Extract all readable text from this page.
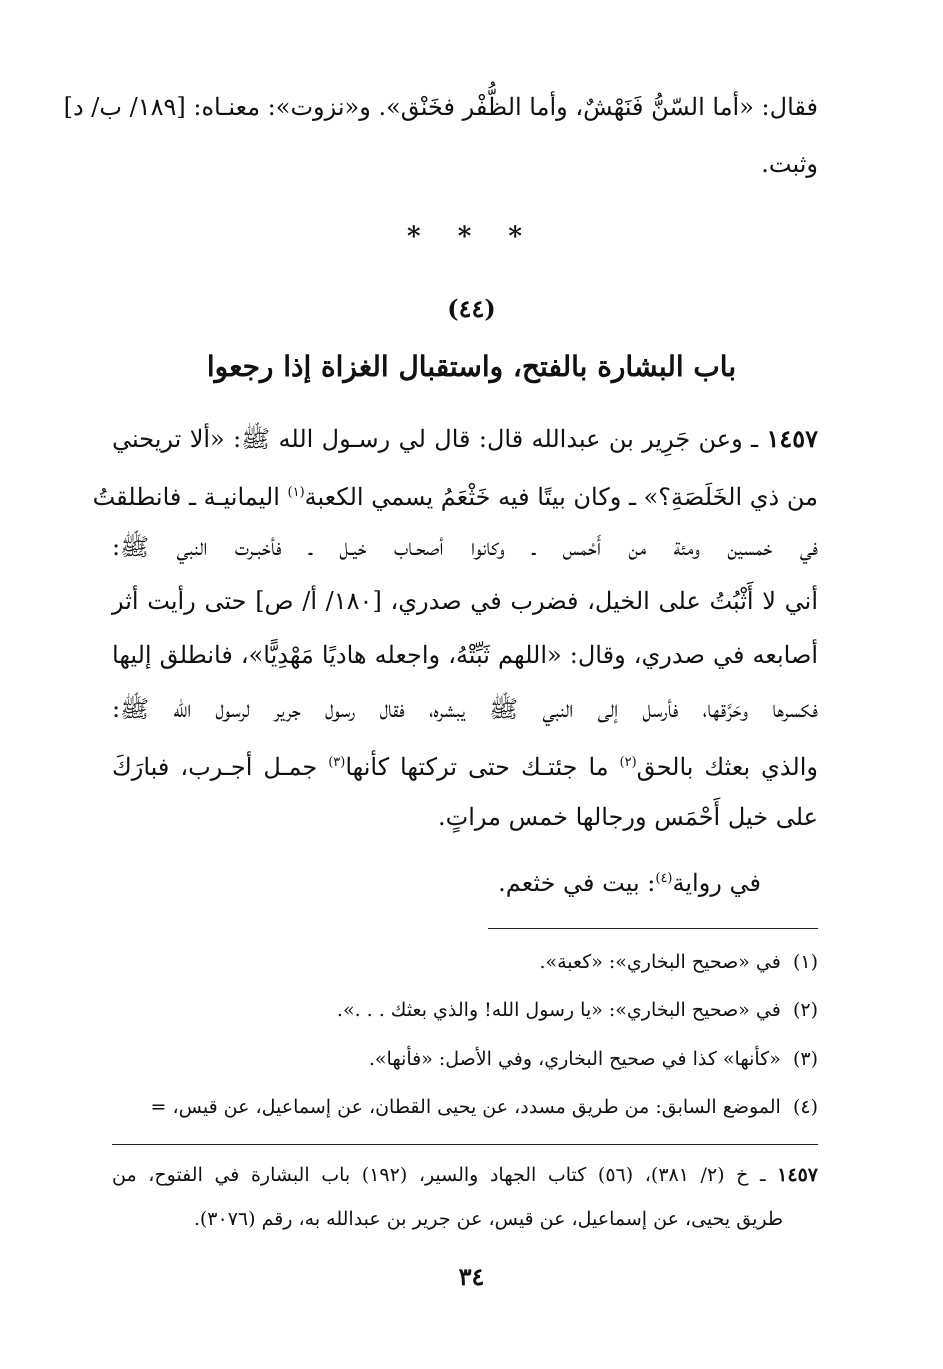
فقال: «أما السّنُّ فَنَهْشٌ، وأما الظُّفْر فخَنْق». و«نزوت»: معنـاه: [١٨٩/ ب/ د]
وثبت.
* * *
(٤٤)
باب البشارة بالفتح، واستقبال الغزاة إذا رجعوا
١٤٥٧ ـ وعن جَرِير بن عبدالله قال: قال لي رسـول الله ﷺ: «ألا تريحني
من ذي الخَلَصَةِ؟» ـ وكان بيتًا فيه خَثْعَمُ يسمي الكعبة$^{(١)}$ اليمانيـة ـ فانطلقتُ
في خمسين ومئة من أَحْمس ـ وكانوا أصحـاب خيـل ـ فأخبـرت النبي ﷺ:
أني لا أَثْبُتُ على الخيل، فضرب في صدري، [١٨٠/ أ/ ص] حتى رأيت أثر
أصابعه في صدري، وقال: «اللهم ثَبِّتْهُ، واجعله هاديًا مَهْدِيًّا»، فانطلق إليها
فكسرها وحَرَّقها، فأرسل إلى النبي ﷺ يبشره، فقال رسول جرير لرسول الله ﷺ:
والذي بعثك بالحق$^{(٢)}$ ما جئتـك حتى تركتها كأنها$^{(٣)}$ جمـل أجـرب، فبارَكَ
على خيل أَحْمَس ورجالها خمس مراتٍ.
في رواية$^{(٤)}$: بيت في خثعم.
(١)  في «صحيح البخاري»: «كعبة».
(٢)  في «صحيح البخاري»: «يا رسول الله! والذي بعثك . . .».
(٣)  «كأنها» كذا في صحيح البخاري، وفي الأصل: «فأنها».
(٤)  الموضع السابق: من طريق مسدد، عن يحيى القطان، عن إسماعيل، عن قيس، =
١٤٥٧ ـ خ (٢/ ٣٨١)، (٥٦) كتاب الجهاد والسير، (١٩٢) باب البشارة في الفتوح، من
طريق يحيى، عن إسماعيل، عن قيس، عن جرير بن عبدالله به، رقم (٣٠٧٦).
٣٤
